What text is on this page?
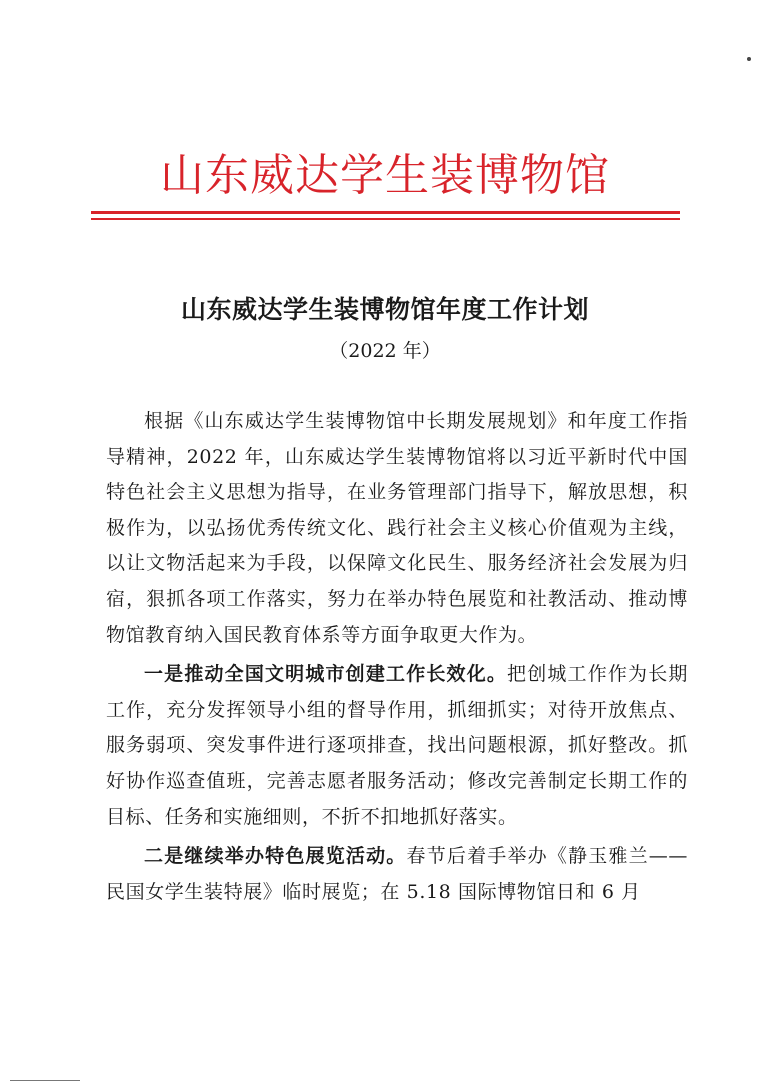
山东威达学生装博物馆
山东威达学生装博物馆年度工作计划
（2022 年）

根据《山东威达学生装博物馆中长期发展规划》和年度工作指导精神，2022 年，山东威达学生装博物馆将以习近平新时代中国特色社会主义思想为指导，在业务管理部门指导下，解放思想，积极作为，以弘扬优秀传统文化、践行社会主义核心价值观为主线，以让文物活起来为手段，以保障文化民生、服务经济社会发展为归宿，狠抓各项工作落实，努力在举办特色展览和社教活动、推动博物馆教育纳入国民教育体系等方面争取更大作为。

一是推动全国文明城市创建工作长效化。把创城工作作为长期工作，充分发挥领导小组的督导作用，抓细抓实；对待开放焦点、服务弱项、突发事件进行逐项排查，找出问题根源，抓好整改。抓好协作巡查值班，完善志愿者服务活动；修改完善制定长期工作的目标、任务和实施细则，不折不扣地抓好落实。

二是继续举办特色展览活动。春节后着手举办《静玉雅兰——民国女学生装特展》临时展览；在 5.18 国际博物馆日和 6 月
